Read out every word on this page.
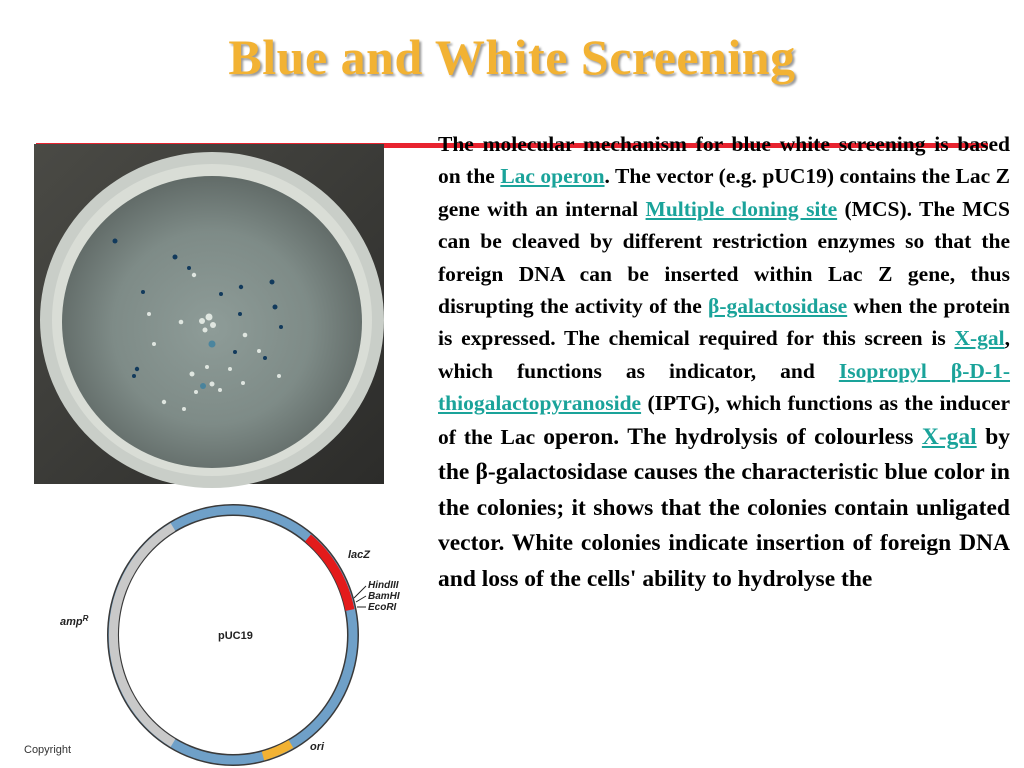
Blue and White Screening
pUC19
lacZ
HindIII
BamHI
EcoRI
amp$^R$
ori
The molecular mechanism for blue white screening is based on the Lac operon. The vector (e.g. pUC19) contains the Lac Z gene with an internal Multiple cloning site (MCS). The MCS can be cleaved by different restriction enzymes so that the foreign DNA can be inserted within Lac Z gene, thus disrupting the activity of the β-galactosidase when the protein is expressed. The chemical required for this screen is X-gal, which functions as indicator, and Isopropyl β-D-1-thiogalactopyranoside (IPTG), which functions as the inducer of the Lac operon. The hydrolysis of colourless X-gal by the β-galactosidase causes the characteristic blue color in the colonies; it shows that the colonies contain unligated vector. White colonies indicate insertion of foreign DNA and loss of the cells' ability to hydrolyse the
Copyright
